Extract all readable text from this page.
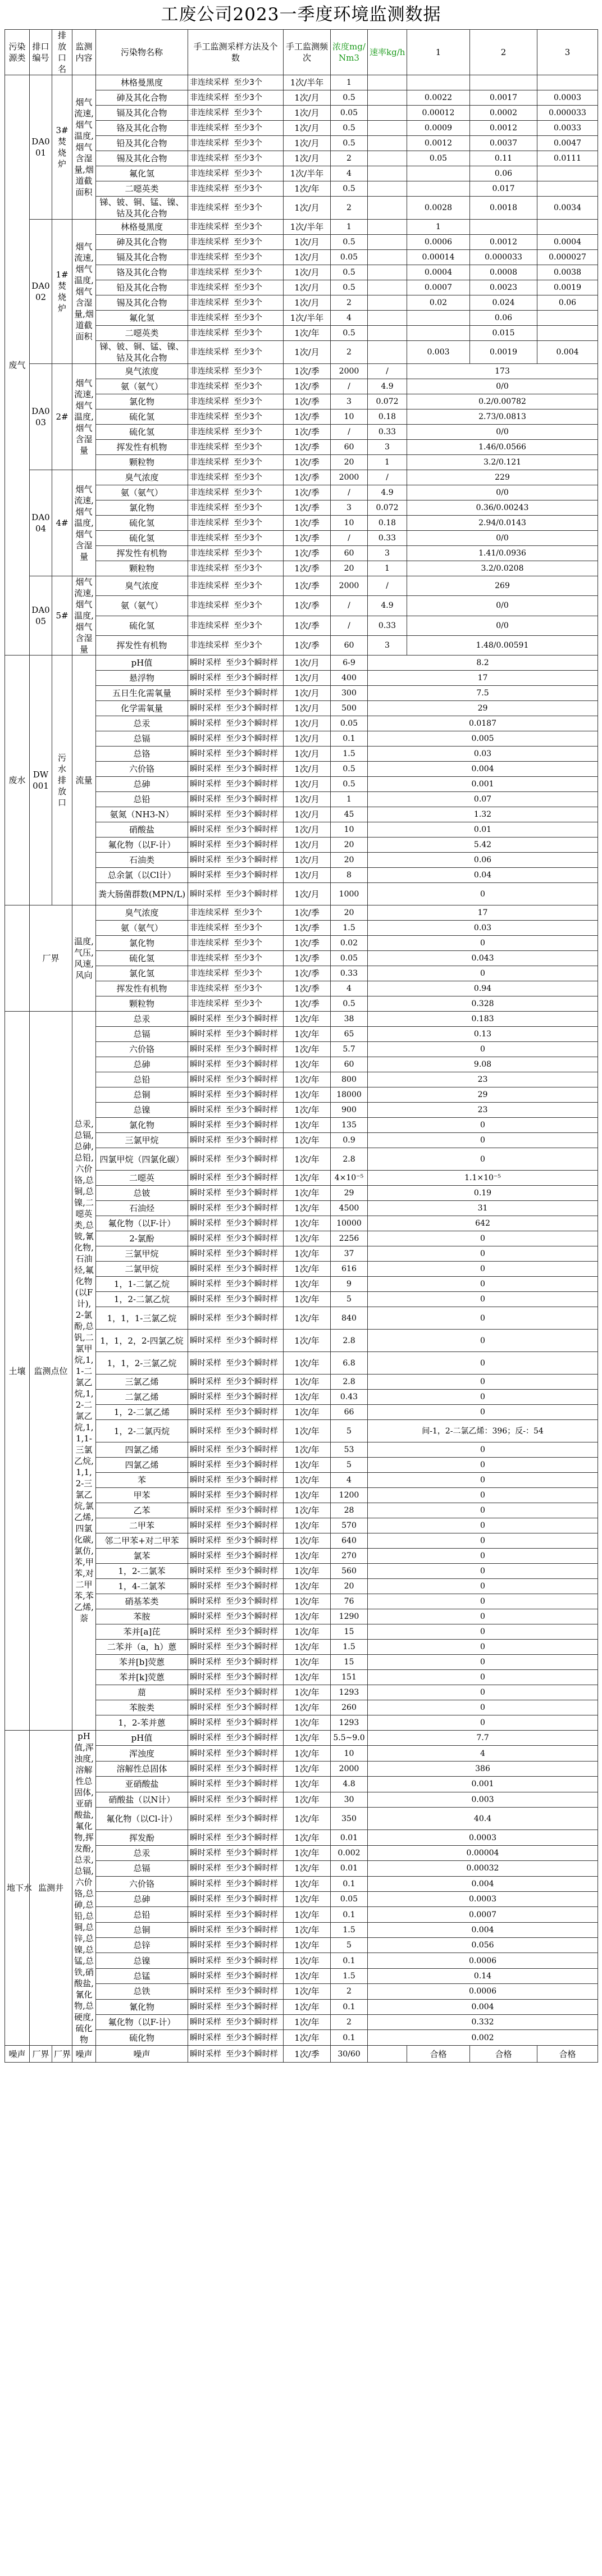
工废公司2023一季度环境监测数据
污染源类	排口编号	排放口名	监测内容	污染物名称	手工监测采样方法及个数	手工监测频次	浓度mg/Nm3	速率kg/h	1	2	3
废气	DA001	3#焚烧炉	烟气流速,烟气温度,烟气含湿量,烟道截面积	林格曼黑度	非连续采样 至少3个	1次/半年	1				
				砷及其化合物	非连续采样 至少3个	1次/月	0.5		0.0022	0.0017	0.0003
				镉及其化合物	非连续采样 至少3个	1次/月	0.05		0.00012	0.0002	0.000033
				铬及其化合物	非连续采样 至少3个	1次/月	0.5		0.0009	0.0012	0.0033
				铅及其化合物	非连续采样 至少3个	1次/月	0.5		0.0012	0.0037	0.0047
				锡及其化合物	非连续采样 至少3个	1次/月	2		0.05	0.11	0.0111
				氟化氢	非连续采样 至少3个	1次/半年	4			0.06	
				二噁英类	非连续采样 至少3个	1次/年	0.5			0.017	
				锑、铍、铜、锰、镍、钴及其化合物	非连续采样 至少3个	1次/月	2		0.0028	0.0018	0.0034
	DA002	1#焚烧炉	烟气流速,烟气温度,烟气含湿量,烟道截面积	林格曼黑度	非连续采样 至少3个	1次/半年	1		1		
				砷及其化合物	非连续采样 至少3个	1次/月	0.5		0.0006	0.0012	0.0004
				镉及其化合物	非连续采样 至少3个	1次/月	0.05		0.00014	0.000033	0.000027
				铬及其化合物	非连续采样 至少3个	1次/月	0.5		0.0004	0.0008	0.0038
				铅及其化合物	非连续采样 至少3个	1次/月	0.5		0.0007	0.0023	0.0019
				锡及其化合物	非连续采样 至少3个	1次/月	2		0.02	0.024	0.06
				氟化氢	非连续采样 至少3个	1次/半年	4			0.06	
				二噁英类	非连续采样 至少3个	1次/年	0.5			0.015	
				锑、铍、铜、锰、镍、钴及其化合物	非连续采样 至少3个	1次/月	2		0.003	0.0019	0.004
	DA003	2#	烟气流速,烟气温度,烟气含湿量	臭气浓度	非连续采样 至少3个	1次/季	2000	/	173		
				氨（氨气）	非连续采样 至少3个	1次/季	/	4.9	0/0		
				氯化物	非连续采样 至少3个	1次/季	3	0.072	0.2/0.00782		
				硫化氢	非连续采样 至少3个	1次/季	10	0.18	2.73/0.0813		
				硫化氢	非连续采样 至少3个	1次/季	/	0.33	0/0		
				挥发性有机物	非连续采样 至少3个	1次/季	60	3	1.46/0.0566		
				颗粒物	非连续采样 至少3个	1次/季	20	1	3.2/0.121		
	DA004	4#	烟气流速,烟气温度,烟气含湿量	臭气浓度	非连续采样 至少3个	1次/季	2000	/	229		
				氨（氨气）	非连续采样 至少3个	1次/季	/	4.9	0/0		
				氯化物	非连续采样 至少3个	1次/季	3	0.072	0.36/0.00243		
				硫化氢	非连续采样 至少3个	1次/季	10	0.18	2.94/0.0143		
				硫化氢	非连续采样 至少3个	1次/季	/	0.33	0/0		
				挥发性有机物	非连续采样 至少3个	1次/季	60	3	1.41/0.0936		
				颗粒物	非连续采样 至少3个	1次/季	20	1	3.2/0.0208		
	DA005	5#	烟气流速,烟气温度,烟气含湿量	臭气浓度	非连续采样 至少3个	1次/季	2000	/	269		
				氨（氨气）	非连续采样 至少3个	1次/季	/	4.9	0/0		
				硫化氢	非连续采样 至少3个	1次/季	/	0.33	0/0		
				挥发性有机物	非连续采样 至少3个	1次/季	60	3	1.48/0.00591		
废水	DW001	污水排放口	流量	pH值	瞬时采样 至少3个瞬时样	1次/月	6-9	8.2			
				悬浮物	瞬时采样 至少3个瞬时样	1次/月	400	17			
				五日生化需氧量	瞬时采样 至少3个瞬时样	1次/月	300	7.5			
				化学需氧量	瞬时采样 至少3个瞬时样	1次/月	500	29			
				总汞	瞬时采样 至少3个瞬时样	1次/月	0.05	0.0187			
				总镉	瞬时采样 至少3个瞬时样	1次/月	0.1	0.005			
				总铬	瞬时采样 至少3个瞬时样	1次/月	1.5	0.03			
				六价铬	瞬时采样 至少3个瞬时样	1次/月	0.5	0.004			
				总砷	瞬时采样 至少3个瞬时样	1次/月	0.5	0.001			
				总铅	瞬时采样 至少3个瞬时样	1次/月	1	0.07			
				氨氮（NH3-N）	瞬时采样 至少3个瞬时样	1次/月	45	1.32			
				硝酸盐	瞬时采样 至少3个瞬时样	1次/月	10	0.01			
				氟化物（以F-计）	瞬时采样 至少3个瞬时样	1次/月	20	5.42			
				石油类	瞬时采样 至少3个瞬时样	1次/月	20	0.06			
				总余氯（以Cl计）	瞬时采样 至少3个瞬时样	1次/月	8	0.04			
				粪大肠菌群数(MPN/L)	瞬时采样 至少3个瞬时样	1次/月	1000	0			
	厂界		温度,气压,风速,风向	臭气浓度	非连续采样 至少3个	1次/季	20	17			
				氨（氨气）	非连续采样 至少3个	1次/季	1.5	0.03			
				氯化物	非连续采样 至少3个	1次/季	0.02	0			
				硫化氢	非连续采样 至少3个	1次/季	0.05	0.043			
				氯化氢	非连续采样 至少3个	1次/季	0.33	0			
				挥发性有机物	非连续采样 至少3个	1次/季	4	0.94			
				颗粒物	非连续采样 至少3个	1次/季	0.5	0.328			
土壤	监测点位		总汞,总镉,总砷,总铅,六价铬,总铜,总镍,二噁英类,总铍,氰化物,石油烃,氟化物(以F计),2-氯酚,总钒,二氯甲烷,1,1-二氯乙烷,1,2-二氯乙烷,1,1,1-三氯乙烷,1,1,2-三氯乙烷,氯乙烯,四氯化碳,氯仿,苯,甲苯,对二甲苯,苯乙烯,萘	总汞	瞬时采样 至少3个瞬时样	1次/年	38	0.183			
				总镉	瞬时采样 至少3个瞬时样	1次/年	65	0.13			
				六价铬	瞬时采样 至少3个瞬时样	1次/年	5.7	0			
				总砷	瞬时采样 至少3个瞬时样	1次/年	60	9.08			
				总铅	瞬时采样 至少3个瞬时样	1次/年	800	23			
				总铜	瞬时采样 至少3个瞬时样	1次/年	18000	29			
				总镍	瞬时采样 至少3个瞬时样	1次/年	900	23			
				氯化物	瞬时采样 至少3个瞬时样	1次/年	135	0			
				三氯甲烷	瞬时采样 至少3个瞬时样	1次/年	0.9	0			
				四氯甲烷（四氯化碳）	瞬时采样 至少3个瞬时样	1次/年	2.8	0			
				二噁英	瞬时采样 至少3个瞬时样	1次/年	4×10⁻⁵	1.1×10⁻⁵			
				总铍	瞬时采样 至少3个瞬时样	1次/年	29	0.19			
				石油烃	瞬时采样 至少3个瞬时样	1次/年	4500	31			
				氟化物（以F-计）	瞬时采样 至少3个瞬时样	1次/年	10000	642			
				2-氯酚	瞬时采样 至少3个瞬时样	1次/年	2256	0			
				三氯甲烷	瞬时采样 至少3个瞬时样	1次/年	37	0			
				二氯甲烷	瞬时采样 至少3个瞬时样	1次/年	616	0			
				1，1-二氯乙烷	瞬时采样 至少3个瞬时样	1次/年	9	0			
				1，2-二氯乙烷	瞬时采样 至少3个瞬时样	1次/年	5	0			
				1，1，1-三氯乙烷	瞬时采样 至少3个瞬时样	1次/年	840	0			
				1，1，2，2-四氯乙烷	瞬时采样 至少3个瞬时样	1次/年	2.8	0			
				1，1，2-三氯乙烷	瞬时采样 至少3个瞬时样	1次/年	6.8	0			
				三氯乙烯	瞬时采样 至少3个瞬时样	1次/年	2.8	0			
				二氯乙烯	瞬时采样 至少3个瞬时样	1次/年	0.43	0			
				1，2-二氯乙烯	瞬时采样 至少3个瞬时样	1次/年	66	0			
				1，2-二氯丙烷	瞬时采样 至少3个瞬时样	1次/年	5	间-1，2-二氯乙烯：396；反-：54			
				四氯乙烯	瞬时采样 至少3个瞬时样	1次/年	53	0			
				四氯乙烯	瞬时采样 至少3个瞬时样	1次/年	5	0			
				苯	瞬时采样 至少3个瞬时样	1次/年	4	0			
				甲苯	瞬时采样 至少3个瞬时样	1次/年	1200	0			
				乙苯	瞬时采样 至少3个瞬时样	1次/年	28	0			
				二甲苯	瞬时采样 至少3个瞬时样	1次/年	570	0			
				邻二甲苯+对二甲苯	瞬时采样 至少3个瞬时样	1次/年	640	0			
				氯苯	瞬时采样 至少3个瞬时样	1次/年	270	0			
				1，2-二氯苯	瞬时采样 至少3个瞬时样	1次/年	560	0			
				1，4-二氯苯	瞬时采样 至少3个瞬时样	1次/年	20	0			
				硝基苯类	瞬时采样 至少3个瞬时样	1次/年	76	0			
				苯胺	瞬时采样 至少3个瞬时样	1次/年	1290	0			
				苯并[a]芘	瞬时采样 至少3个瞬时样	1次/年	15	0			
				二苯并（a，h）蒽	瞬时采样 至少3个瞬时样	1次/年	1.5	0			
				苯并[b]荧蒽	瞬时采样 至少3个瞬时样	1次/年	15	0			
				苯并[k]荧蒽	瞬时采样 至少3个瞬时样	1次/年	151	0			
				䓛	瞬时采样 至少3个瞬时样	1次/年	1293	0			
				苯胺类	瞬时采样 至少3个瞬时样	1次/年	260	0			
				1，2-苯并蒽	瞬时采样 至少3个瞬时样	1次/年	1293	0			
地下水	监测井		pH值,浑浊度,溶解性总固体,亚硝酸盐,氟化物,挥发酚,总汞,总镉,六价铬,总砷,总铅,总铜,总锌,总镍,总锰,总铁,硝酸盐,氰化物,总硬度,硫化物	pH值	瞬时采样 至少3个瞬时样	1次/年	5.5~9.0	7.7			
				浑浊度	瞬时采样 至少3个瞬时样	1次/年	10	4			
				溶解性总固体	瞬时采样 至少3个瞬时样	1次/年	2000	386			
				亚硝酸盐	瞬时采样 至少3个瞬时样	1次/年	4.8	0.001			
				硝酸盐（以N计）	瞬时采样 至少3个瞬时样	1次/年	30	0.003			
				氟化物（以Cl-计）	瞬时采样 至少3个瞬时样	1次/年	350	40.4			
				挥发酚	瞬时采样 至少3个瞬时样	1次/年	0.01	0.0003			
				总汞	瞬时采样 至少3个瞬时样	1次/年	0.002	0.00004			
				总镉	瞬时采样 至少3个瞬时样	1次/年	0.01	0.00032			
				六价铬	瞬时采样 至少3个瞬时样	1次/年	0.1	0.004			
				总砷	瞬时采样 至少3个瞬时样	1次/年	0.05	0.0003			
				总铅	瞬时采样 至少3个瞬时样	1次/年	0.1	0.0007			
				总铜	瞬时采样 至少3个瞬时样	1次/年	1.5	0.004			
				总锌	瞬时采样 至少3个瞬时样	1次/年	5	0.056			
				总镍	瞬时采样 至少3个瞬时样	1次/年	0.1	0.0006			
				总锰	瞬时采样 至少3个瞬时样	1次/年	1.5	0.14			
				总铁	瞬时采样 至少3个瞬时样	1次/年	2	0.0006			
				氰化物	瞬时采样 至少3个瞬时样	1次/年	0.1	0.004			
				氟化物（以F-计）	瞬时采样 至少3个瞬时样	1次/年	2	0.332			
				硫化物	瞬时采样 至少3个瞬时样	1次/年	0.1	0.002			
噪声	厂界	厂界	噪声	噪声	瞬时采样 至少3个瞬时样	1次/季	30/60		合格	合格	合格
